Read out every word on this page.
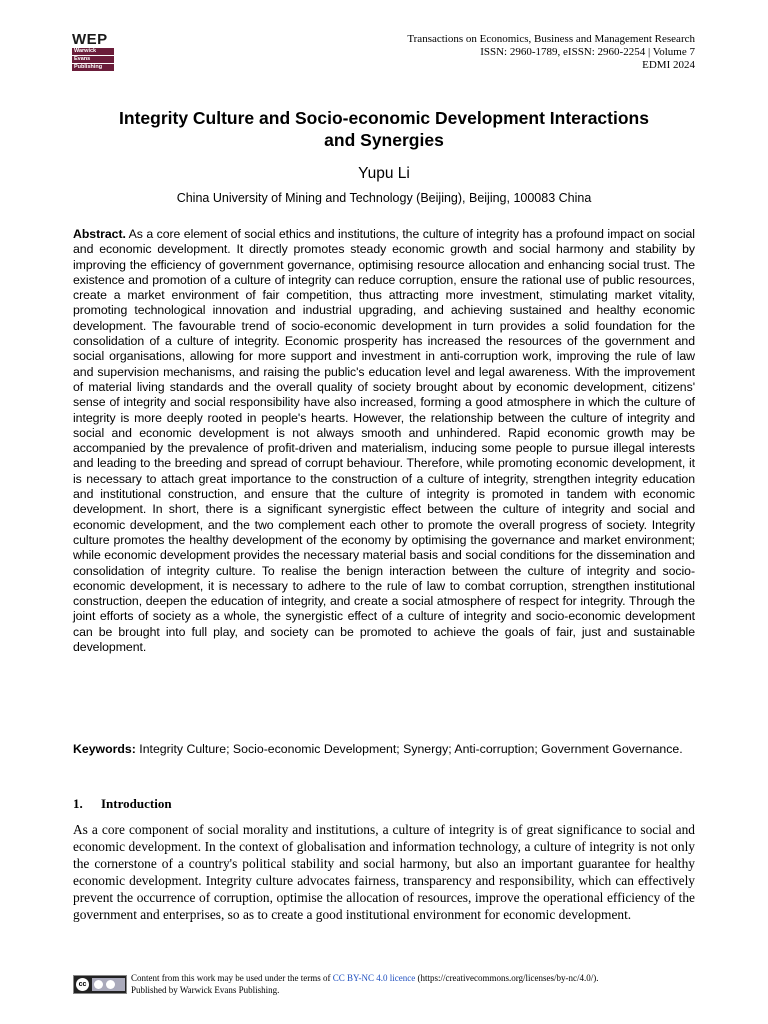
WEP
Warwick
Evans
Publishing
Transactions on Economics, Business and Management Research
ISSN: 2960-1789, eISSN: 2960-2254 | Volume 7
EDMI 2024
Integrity Culture and Socio-economic Development Interactions
and Synergies
Yupu Li
China University of Mining and Technology (Beijing), Beijing, 100083 China

Abstract. As a core element of social ethics and institutions, the culture of integrity has a profound impact on social and economic development. It directly promotes steady economic growth and social harmony and stability by improving the efficiency of government governance, optimising resource allocation and enhancing social trust. The existence and promotion of a culture of integrity can reduce corruption, ensure the rational use of public resources, create a market environment of fair competition, thus attracting more investment, stimulating market vitality, promoting technological innovation and industrial upgrading, and achieving sustained and healthy economic development. The favourable trend of socio-economic development in turn provides a solid foundation for the consolidation of a culture of integrity. Economic prosperity has increased the resources of the government and social organisations, allowing for more support and investment in anti-corruption work, improving the rule of law and supervision mechanisms, and raising the public's education level and legal awareness. With the improvement of material living standards and the overall quality of society brought about by economic development, citizens' sense of integrity and social responsibility have also increased, forming a good atmosphere in which the culture of integrity is more deeply rooted in people's hearts. However, the relationship between the culture of integrity and social and economic development is not always smooth and unhindered. Rapid economic growth may be accompanied by the prevalence of profit-driven and materialism, inducing some people to pursue illegal interests and leading to the breeding and spread of corrupt behaviour. Therefore, while promoting economic development, it is necessary to attach great importance to the construction of a culture of integrity, strengthen integrity education and institutional construction, and ensure that the culture of integrity is promoted in tandem with economic development. In short, there is a significant synergistic effect between the culture of integrity and social and economic development, and the two complement each other to promote the overall progress of society. Integrity culture promotes the healthy development of the economy by optimising the governance and market environment; while economic development provides the necessary material basis and social conditions for the dissemination and consolidation of integrity culture. To realise the benign interaction between the culture of integrity and socio-economic development, it is necessary to adhere to the rule of law to combat corruption, strengthen institutional construction, deepen the education of integrity, and create a social atmosphere of respect for integrity. Through the joint efforts of society as a whole, the synergistic effect of a culture of integrity and socio-economic development can be brought into full play, and society can be promoted to achieve the goals of fair, just and sustainable development.

Keywords: Integrity Culture; Socio-economic Development; Synergy; Anti-corruption; Government Governance.

1. Introduction

As a core component of social morality and institutions, a culture of integrity is of great significance to social and economic development. In the context of globalisation and information technology, a culture of integrity is not only the cornerstone of a country's political stability and social harmony, but also an important guarantee for healthy economic development. Integrity culture advocates fairness, transparency and responsibility, which can effectively prevent the occurrence of corruption, optimise the allocation of resources, improve the operational efficiency of the government and enterprises, so as to create a good institutional environment for economic development.

cc
Content from this work may be used under the terms of CC BY-NC 4.0 licence (https://creativecommons.org/licenses/by-nc/4.0/).
Published by Warwick Evans Publishing.
